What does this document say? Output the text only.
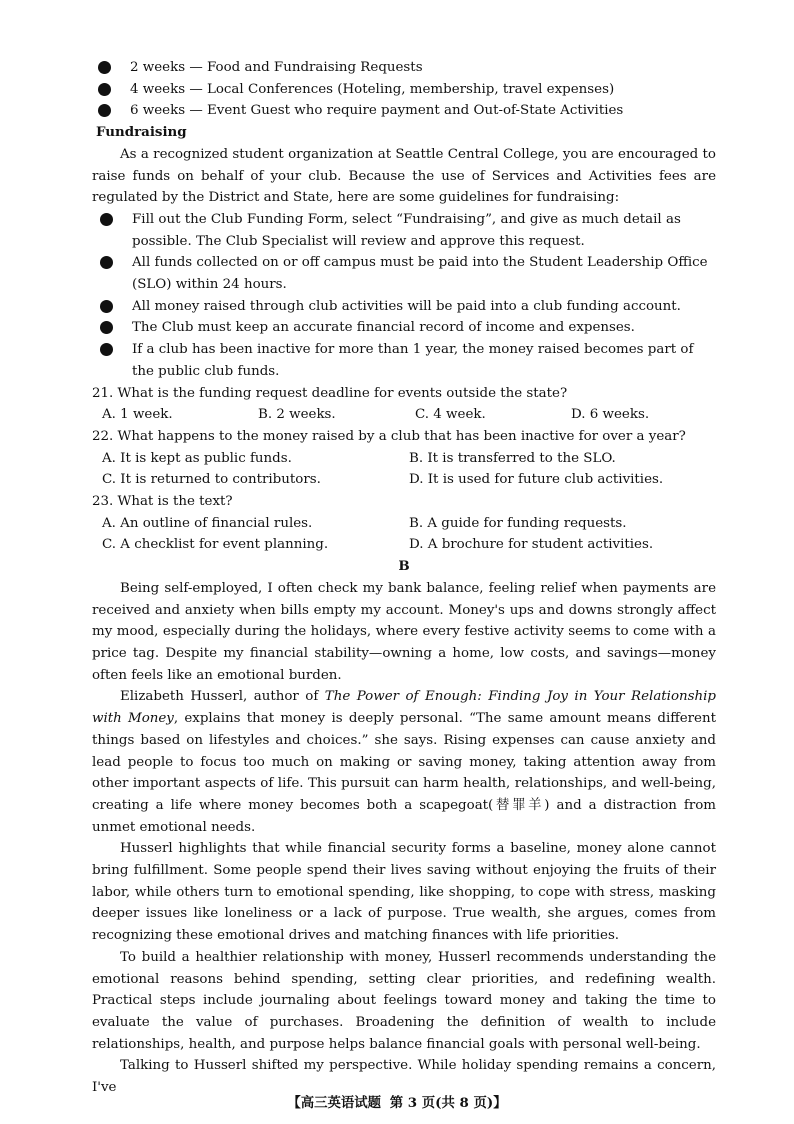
2 weeks — Food and Fundraising Requests
4 weeks — Local Conferences (Hoteling, membership, travel expenses)
6 weeks — Event Guest who require payment and Out-of-State Activities
Fundraising

As a recognized student organization at Seattle Central College, you are encouraged to raise funds on behalf of your club. Because the use of Services and Activities fees are regulated by the District and State, here are some guidelines for fundraising:

Fill out the Club Funding Form, select “Fundraising”, and give as much detail as possible. The Club Specialist will review and approve this request.
All funds collected on or off campus must be paid into the Student Leadership Office (SLO) within 24 hours.
All money raised through club activities will be paid into a club funding account.
The Club must keep an accurate financial record of income and expenses.
If a club has been inactive for more than 1 year, the money raised becomes part of the public club funds.

21. What is the funding request deadline for events outside the state?

A. 1 week.	B. 2 weeks.	C. 4 week.	D. 6 weeks.

22. What happens to the money raised by a club that has been inactive for over a year?

A. It is kept as public funds.	B. It is transferred to the SLO.
C. It is returned to contributors.	D. It is used for future club activities.

23. What is the text?

A. An outline of financial rules.	B. A guide for funding requests.
C. A checklist for event planning.	D. A brochure for student activities.
B

Being self-employed, I often check my bank balance, feeling relief when payments are received and anxiety when bills empty my account. Money's ups and downs strongly affect my mood, especially during the holidays, where every festive activity seems to come with a price tag. Despite my financial stability—owning a home, low costs, and savings—money often feels like an emotional burden.

Elizabeth Husserl, author of The Power of Enough: Finding Joy in Your Relationship with Money, explains that money is deeply personal. “The same amount means different things based on lifestyles and choices.” she says. Rising expenses can cause anxiety and lead people to focus too much on making or saving money, taking attention away from other important aspects of life. This pursuit can harm health, relationships, and well-being, creating a life where money becomes both a scapegoat(替罪羊) and a distraction from unmet emotional needs.

Husserl highlights that while financial security forms a baseline, money alone cannot bring fulfillment. Some people spend their lives saving without enjoying the fruits of their labor, while others turn to emotional spending, like shopping, to cope with stress, masking deeper issues like loneliness or a lack of purpose. True wealth, she argues, comes from recognizing these emotional drives and matching finances with life priorities.

To build a healthier relationship with money, Husserl recommends understanding the emotional reasons behind spending, setting clear priorities, and redefining wealth. Practical steps include journaling about feelings toward money and taking the time to evaluate the value of purchases. Broadening the definition of wealth to include relationships, health, and purpose helps balance financial goals with personal well-being.

Talking to Husserl shifted my perspective. While holiday spending remains a concern, I've

【高三英语试题 第 3 页(共 8 页)】
